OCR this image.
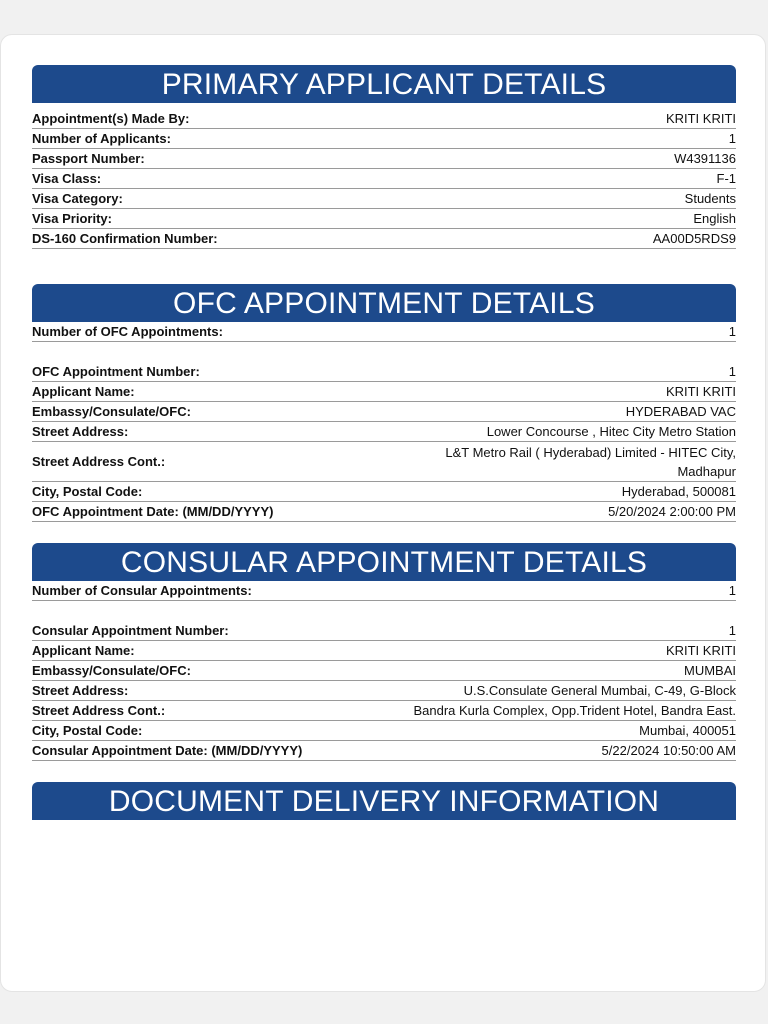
PRIMARY APPLICANT DETAILS
Appointment(s) Made By:	KRITI KRITI
Number of Applicants:	1
Passport Number:	W4391136
Visa Class:	F-1
Visa Category:	Students
Visa Priority:	English
DS-160 Confirmation Number:	AA00D5RDS9
OFC APPOINTMENT DETAILS
Number of OFC Appointments:	1
OFC Appointment Number:	1
Applicant Name:	KRITI KRITI
Embassy/Consulate/OFC:	HYDERABAD VAC
Street Address:	Lower Concourse , Hitec City Metro Station
Street Address Cont.:
L&T Metro Rail ( Hyderabad) Limited - HITEC City, Madhapur
City, Postal Code:	Hyderabad, 500081
OFC Appointment Date: (MM/DD/YYYY)	5/20/2024 2:00:00 PM
CONSULAR APPOINTMENT DETAILS
Number of Consular Appointments:	1
Consular Appointment Number:	1
Applicant Name:	KRITI KRITI
Embassy/Consulate/OFC:	MUMBAI
Street Address:	U.S.Consulate General Mumbai, C-49, G-Block
Street Address Cont.:	Bandra Kurla Complex, Opp.Trident Hotel, Bandra East.
City, Postal Code:	Mumbai, 400051
Consular Appointment Date: (MM/DD/YYYY)	5/22/2024 10:50:00 AM
DOCUMENT DELIVERY INFORMATION
